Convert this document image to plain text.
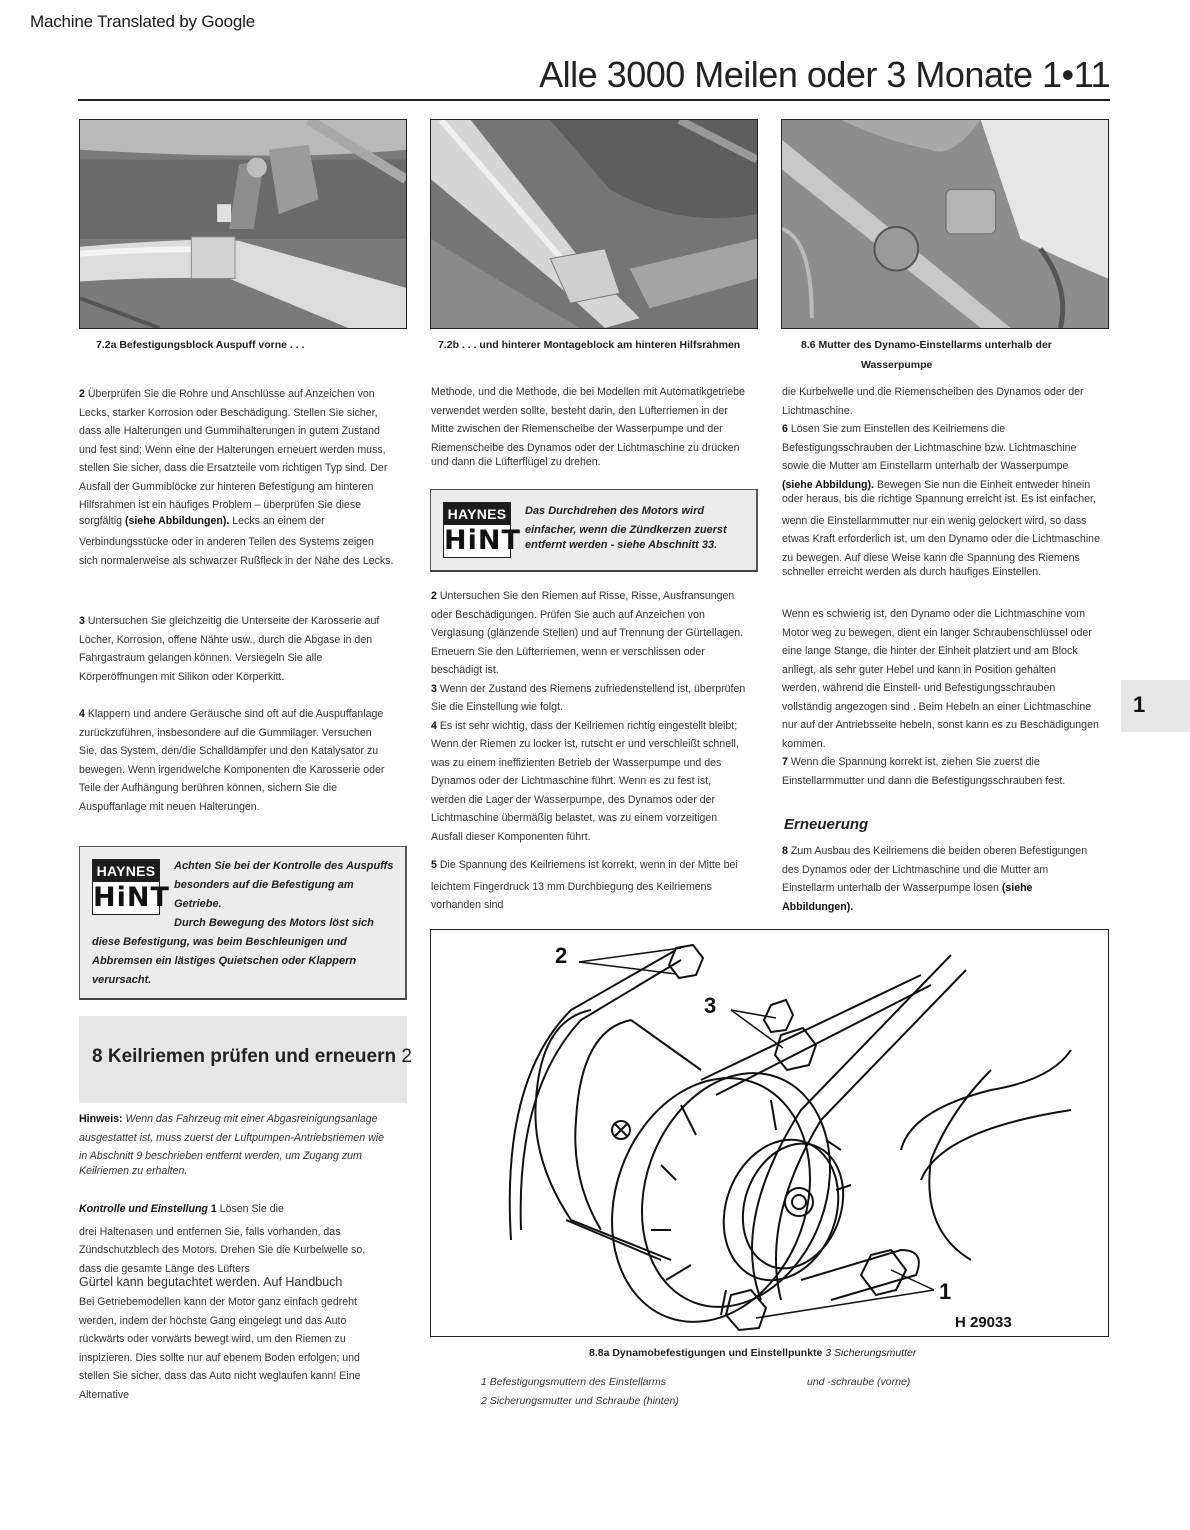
Machine Translated by Google
Alle 3000 Meilen oder 3 Monate 1•11
7.2a Befestigungsblock Auspuff vorne . . .	7.2b . . . und hinterer Montageblock am hinteren Hilfsrahmen	8.6 Mutter des Dynamo-Einstellarms unterhalb der
Wasserpumpe
2 Überprüfen Sie die Rohre und Anschlüsse auf Anzeichen von
Lecks, starker Korrosion oder Beschädigung. Stellen Sie sicher,
dass alle Halterungen und Gummihalterungen in gutem Zustand
und fest sind; Wenn eine der Halterungen erneuert werden muss,
stellen Sie sicher, dass die Ersatzteile vom richtigen Typ sind. Der
Ausfall der Gummiblöcke zur hinteren Befestigung am hinteren
Hilfsrahmen ist ein häufiges Problem – überprüfen Sie diese
sorgfältig (siehe Abbildungen). Lecks an einem der
Verbindungsstücke oder in anderen Teilen des Systems zeigen
sich normalerweise als schwarzer Rußfleck in der Nähe des Lecks.
3 Untersuchen Sie gleichzeitig die Unterseite der Karosserie auf
Löcher, Korrosion, offene Nähte usw., durch die Abgase in den
Fahrgastraum gelangen können. Versiegeln Sie alle
Körperöffnungen mit Silikon oder Körperkitt.
4 Klappern und andere Geräusche sind oft auf die Auspuffanlage
zurückzuführen, insbesondere auf die Gummilager. Versuchen
Sie, das System, den/die Schalldämpfer und den Katalysator zu
bewegen. Wenn irgendwelche Komponenten die Karosserie oder
Teile der Aufhängung berühren können, sichern Sie die
Auspuffanlage mit neuen Halterungen.
HAYNES
HiNT
Achten Sie bei der Kontrolle des Auspuffs
besonders auf die Befestigung am
Getriebe.
Durch Bewegung des Motors löst sich
diese Befestigung, was beim Beschleunigen und
Abbremsen ein lästiges Quietschen oder Klappern
verursacht.
8 Keilriemen prüfen und erneuern 2
Hinweis: Wenn das Fahrzeug mit einer Abgasreinigungsanlage
ausgestattet ist, muss zuerst der Luftpumpen-Antriebsriemen wie
in Abschnitt 9 beschrieben entfernt werden, um Zugang zum
Keilriemen zu erhalten.
Kontrolle und Einstellung 1 Lösen Sie die
drei Haltenasen und entfernen Sie, falls vorhanden, das
Zündschutzblech des Motors. Drehen Sie die Kurbelwelle so,
dass die gesamte Länge des Lüfters
Gürtel kann begutachtet werden. Auf Handbuch
Bei Getriebemodellen kann der Motor ganz einfach gedreht
werden, indem der höchste Gang eingelegt und das Auto
rückwärts oder vorwärts bewegt wird, um den Riemen zu
inspizieren. Dies sollte nur auf ebenem Boden erfolgen; und
stellen Sie sicher, dass das Auto nicht weglaufen kann! Eine
Alternative
Methode, und die Methode, die bei Modellen mit Automatikgetriebe
verwendet werden sollte, besteht darin, den Lüfterriemen in der
Mitte zwischen der Riemenscheibe der Wasserpumpe und der
Riemenscheibe des Dynamos oder der Lichtmaschine zu drücken
und dann die Lüfterflügel zu drehen.
HAYNES
HiNT
Das Durchdrehen des Motors wird
einfacher, wenn die Zündkerzen zuerst
entfernt werden - siehe Abschnitt 33.
2 Untersuchen Sie den Riemen auf Risse, Risse, Ausfransungen
oder Beschädigungen. Prüfen Sie auch auf Anzeichen von
Verglasung (glänzende Stellen) und auf Trennung der Gürtellagen.
Erneuern Sie den Lüfterriemen, wenn er verschlissen oder
beschädigt ist.
3 Wenn der Zustand des Riemens zufriedenstellend ist, überprüfen
Sie die Einstellung wie folgt.
4 Es ist sehr wichtig, dass der Keilriemen richtig eingestellt bleibt;
Wenn der Riemen zu locker ist, rutscht er und verschleißt schnell,
was zu einem ineffizienten Betrieb der Wasserpumpe und des
Dynamos oder der Lichtmaschine führt. Wenn es zu fest ist,
werden die Lager der Wasserpumpe, des Dynamos oder der
Lichtmaschine übermäßig belastet, was zu einem vorzeitigen
Ausfall dieser Komponenten führt.
5 Die Spannung des Keilriemens ist korrekt, wenn in der Mitte bei
leichtem Fingerdruck 13 mm Durchbiegung des Keilriemens
vorhanden sind
die Kurbelwelle und die Riemenscheiben des Dynamos oder der
Lichtmaschine.
6 Lösen Sie zum Einstellen des Keilriemens die
Befestigungsschrauben der Lichtmaschine bzw. Lichtmaschine
sowie die Mutter am Einstellarm unterhalb der Wasserpumpe
(siehe Abbildung). Bewegen Sie nun die Einheit entweder hinein
oder heraus, bis die richtige Spannung erreicht ist. Es ist einfacher,
wenn die Einstellarmmutter nur ein wenig gelockert wird, so dass
etwas Kraft erforderlich ist, um den Dynamo oder die Lichtmaschine
zu bewegen. Auf diese Weise kann die Spannung des Riemens
schneller erreicht werden als durch häufiges Einstellen.
Wenn es schwierig ist, den Dynamo oder die Lichtmaschine vom
Motor weg zu bewegen, dient ein langer Schraubenschlüssel oder
eine lange Stange, die hinter der Einheit platziert und am Block
anliegt, als sehr guter Hebel und kann in Position gehalten
werden, während die Einstell- und Befestigungsschrauben
vollständig angezogen sind . Beim Hebeln an einer Lichtmaschine
nur auf der Antriebsseite hebeln, sonst kann es zu Beschädigungen
kommen.
7 Wenn die Spannung korrekt ist, ziehen Sie zuerst die
Einstellarmmutter und dann die Befestigungsschrauben fest.
Erneuerung
8 Zum Ausbau des Keilriemens die beiden oberen Befestigungen
des Dynamos oder der Lichtmaschine und die Mutter am
Einstellarm unterhalb der Wasserpumpe lösen (siehe
Abbildungen).
1
2
3
1
H 29033
8.8a Dynamobefestigungen und Einstellpunkte 3 Sicherungsmutter
1 Befestigungsmuttern des Einstellarms
2 Sicherungsmutter und Schraube (hinten)
und -schraube (vorne)
